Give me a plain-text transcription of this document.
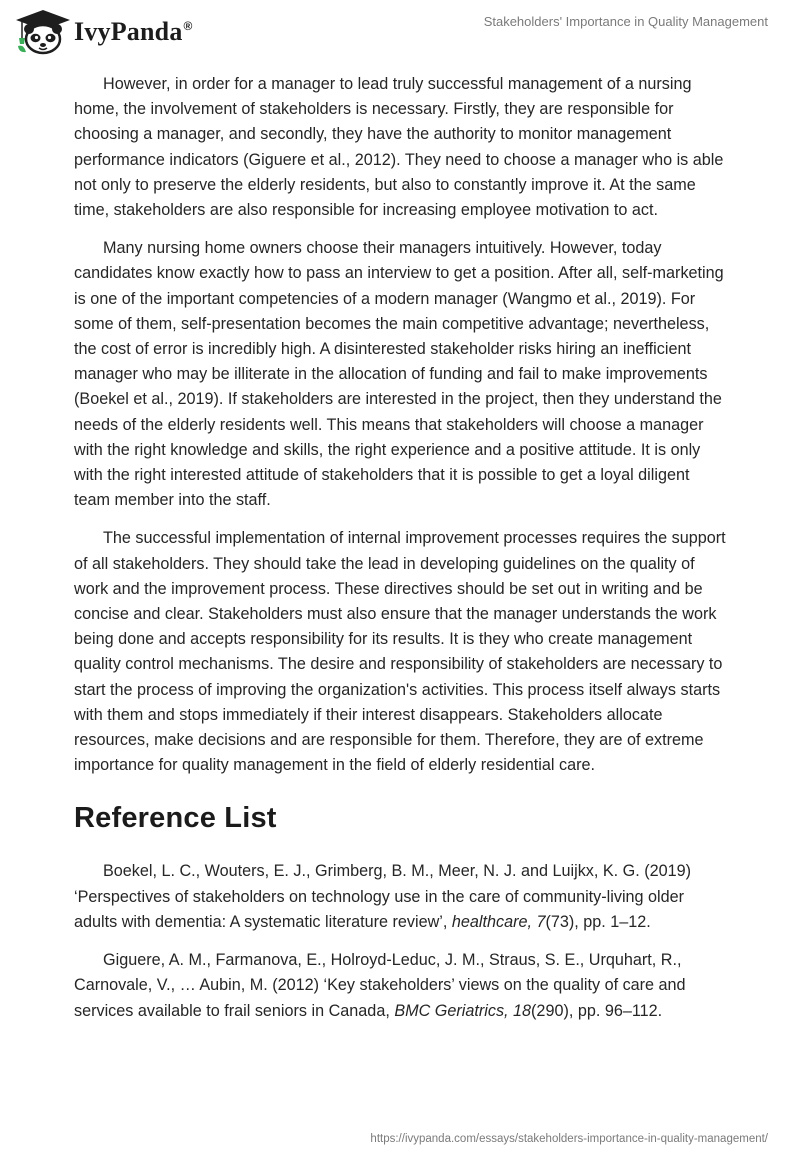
IvyPanda®	Stakeholders' Importance in Quality Management

However, in order for a manager to lead truly successful management of a nursing home, the involvement of stakeholders is necessary. Firstly, they are responsible for choosing a manager, and secondly, they have the authority to monitor management performance indicators (Giguere et al., 2012). They need to choose a manager who is able not only to preserve the elderly residents, but also to constantly improve it. At the same time, stakeholders are also responsible for increasing employee motivation to act.

Many nursing home owners choose their managers intuitively. However, today candidates know exactly how to pass an interview to get a position. After all, self-marketing is one of the important competencies of a modern manager (Wangmo et al., 2019). For some of them, self-presentation becomes the main competitive advantage; nevertheless, the cost of error is incredibly high. A disinterested stakeholder risks hiring an inefficient manager who may be illiterate in the allocation of funding and fail to make improvements (Boekel et al., 2019). If stakeholders are interested in the project, then they understand the needs of the elderly residents well. This means that stakeholders will choose a manager with the right knowledge and skills, the right experience and a positive attitude. It is only with the right interested attitude of stakeholders that it is possible to get a loyal diligent team member into the staff.

The successful implementation of internal improvement processes requires the support of all stakeholders. They should take the lead in developing guidelines on the quality of work and the improvement process. These directives should be set out in writing and be concise and clear. Stakeholders must also ensure that the manager understands the work being done and accepts responsibility for its results. It is they who create management quality control mechanisms. The desire and responsibility of stakeholders are necessary to start the process of improving the organization's activities. This process itself always starts with them and stops immediately if their interest disappears. Stakeholders allocate resources, make decisions and are responsible for them. Therefore, they are of extreme importance for quality management in the field of elderly residential care.

Reference List

Boekel, L. C., Wouters, E. J., Grimberg, B. M., Meer, N. J. and Luijkx, K. G. (2019) ‘Perspectives of stakeholders on technology use in the care of community-living older adults with dementia: A systematic literature review’, healthcare, 7(73), pp. 1–12.

Giguere, A. M., Farmanova, E., Holroyd-Leduc, J. M., Straus, S. E., Urquhart, R., Carnovale, V., … Aubin, M. (2012) ‘Key stakeholders’ views on the quality of care and services available to frail seniors in Canada, BMC Geriatrics, 18(290), pp. 96–112.

https://ivypanda.com/essays/stakeholders-importance-in-quality-management/
